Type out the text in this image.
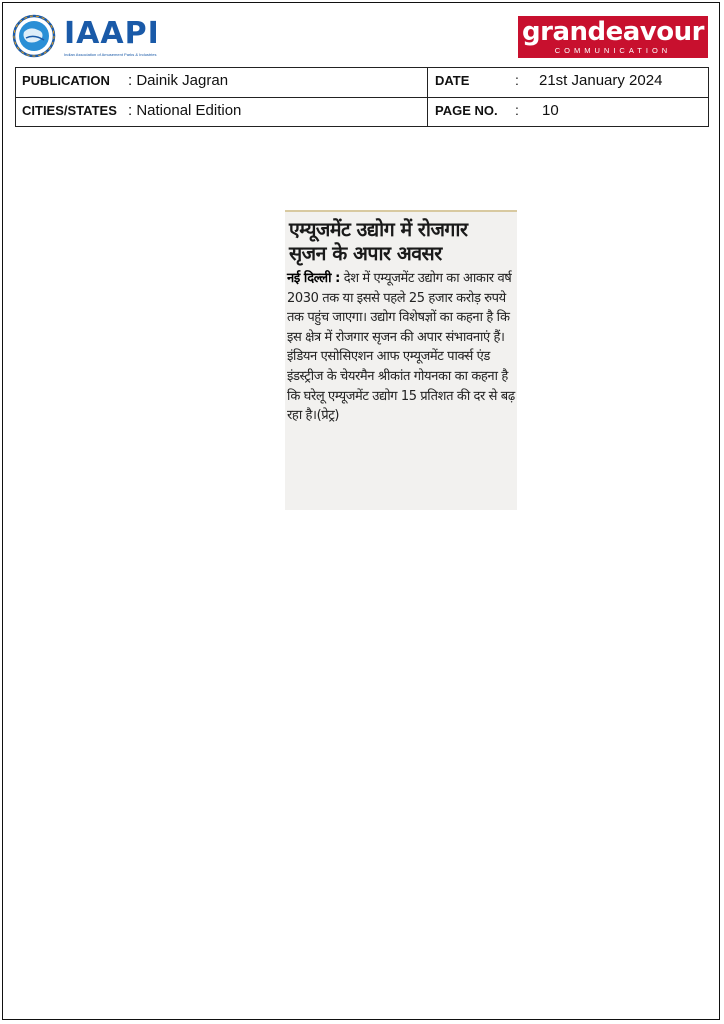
IAAPI
Indian Association of Amusement Parks & Industries
grandeavour
COMMUNICATION
PUBLICATION : Dainik Jagran	DATE	: 21st January 2024
CITIES/STATES : National Edition	PAGE NO. : 10
एम्यूजमेंट उद्योग में रोजगार
सृजन के अपार अवसर
नई दिल्ली : देश में एम्यूजमेंट उद्योग का आकार वर्ष 2030 तक या इससे पहले 25 हजार करोड़ रुपये तक पहुंच जाएगा। उद्योग विशेषज्ञों का कहना है कि इस क्षेत्र में रोजगार सृजन की अपार संभावनाएं हैं। इंडियन एसोसिएशन आफ एम्यूजमेंट पार्क्स एंड इंडस्ट्रीज के चेयरमैन श्रीकांत गोयनका का कहना है कि घरेलू एम्यूजमेंट उद्योग 15 प्रतिशत की दर से बढ़ रहा है।(प्रेट्र)
